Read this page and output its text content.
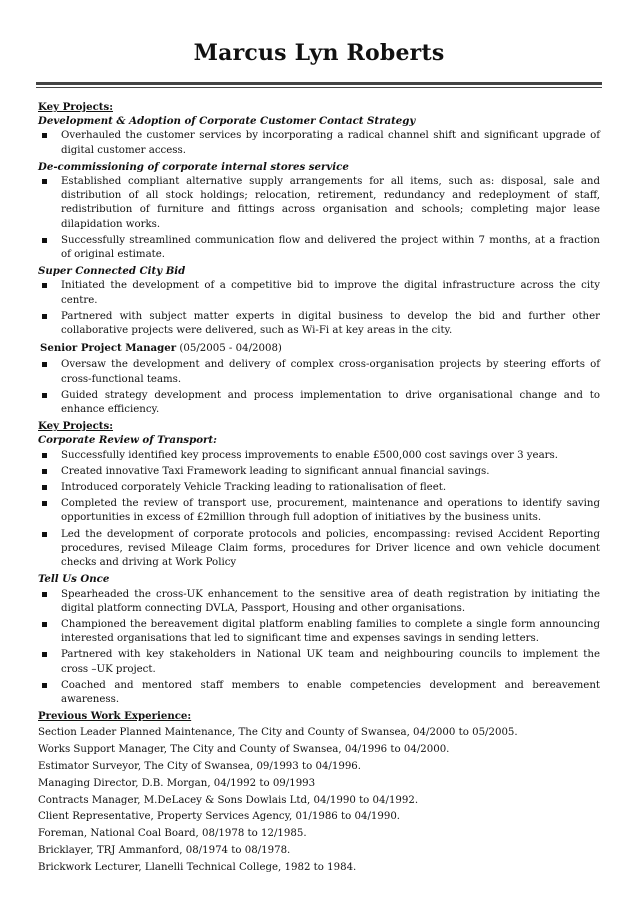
Marcus Lyn Roberts

Key Projects:

Development & Adoption of Corporate Customer Contact Strategy

Overhauled the customer services by incorporating a radical channel shift and significant upgrade of digital customer access.

De-commissioning of corporate internal stores service

Established compliant alternative supply arrangements for all items, such as: disposal, sale and distribution of all stock holdings; relocation, retirement, redundancy and redeployment of staff, redistribution of furniture and fittings across organisation and schools; completing major lease dilapidation works.
Successfully streamlined communication flow and delivered the project within 7 months, at a fraction of original estimate.

Super Connected City Bid

Initiated the development of a competitive bid to improve the digital infrastructure across the city centre.
Partnered with subject matter experts in digital business to develop the bid and further other collaborative projects were delivered, such as Wi-Fi at key areas in the city.
Senior Project Manager (05/2005 - 04/2008)
Oversaw the development and delivery of complex cross-organisation projects by steering efforts of cross-functional teams.
Guided strategy development and process implementation to drive organisational change and to enhance efficiency.

Key Projects:

Corporate Review of Transport:

Successfully identified key process improvements to enable £500,000 cost savings over 3 years.
Created innovative Taxi Framework leading to significant annual financial savings.
Introduced corporately Vehicle Tracking leading to rationalisation of fleet.
Completed the review of transport use, procurement, maintenance and operations to identify saving opportunities in excess of £2million through full adoption of initiatives by the business units.
Led the development of corporate protocols and policies, encompassing: revised Accident Reporting procedures, revised Mileage Claim forms, procedures for Driver licence and own vehicle document checks and driving at Work Policy

Tell Us Once

Spearheaded the cross-UK enhancement to the sensitive area of death registration by initiating the digital platform connecting DVLA, Passport, Housing and other organisations.
Championed the bereavement digital platform enabling families to complete a single form announcing interested organisations that led to significant time and expenses savings in sending letters.
Partnered with key stakeholders in National UK team and neighbouring councils to implement the cross –UK project.
Coached and mentored staff members to enable competencies development and bereavement awareness.

Previous Work Experience:

Section Leader Planned Maintenance, The City and County of Swansea, 04/2000 to 05/2005.

Works Support Manager, The City and County of Swansea, 04/1996 to 04/2000.

Estimator Surveyor, The City of Swansea, 09/1993 to 04/1996.

Managing Director, D.B. Morgan, 04/1992 to 09/1993

Contracts Manager, M.DeLacey & Sons Dowlais Ltd, 04/1990 to 04/1992.

Client Representative, Property Services Agency, 01/1986 to 04/1990.

Foreman, National Coal Board, 08/1978 to 12/1985.

Bricklayer, TRJ Ammanford, 08/1974 to 08/1978.

Brickwork Lecturer, Llanelli Technical College, 1982 to 1984.
